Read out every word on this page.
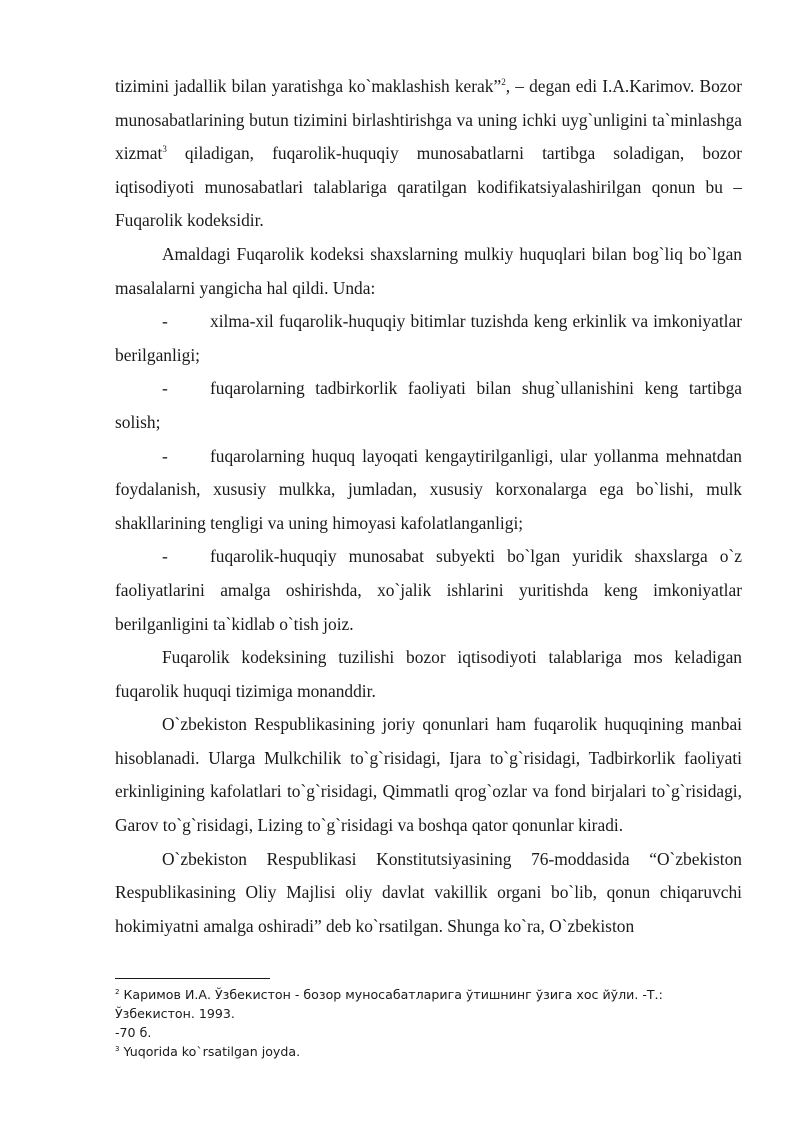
tizimini jadallik bilan yaratishga ko`maklashish kerak”$^2$, – degan edi I.A.Karimov. Bozor munosabatlarining butun tizimini birlashtirishga va uning ichki uyg`unligini ta`minlashga xizmat$^3$ qiladigan, fuqarolik-huquqiy munosabatlarni tartibga soladigan, bozor iqtisodiyoti munosabatlari talablariga qaratilgan kodifikatsiyalashirilgan qonun bu – Fuqarolik kodeksidir.

Amaldagi Fuqarolik kodeksi shaxslarning mulkiy huquqlari bilan bog`liq bo`lgan masalalarni yangicha hal qildi. Unda:

- xilma-xil fuqarolik-huquqiy bitimlar tuzishda keng erkinlik va imkoniyatlar berilganligi;

- fuqarolarning tadbirkorlik faoliyati bilan shug`ullanishini keng tartibga solish;

- fuqarolarning huquq layoqati kengaytirilganligi, ular yollanma mehnatdan foydalanish, xususiy mulkka, jumladan, xususiy korxonalarga ega bo`lishi, mulk shakllarining tengligi va uning himoyasi kafolatlanganligi;

- fuqarolik-huquqiy munosabat subyekti bo`lgan yuridik shaxslarga o`z faoliyatlarini amalga oshirishda, xo`jalik ishlarini yuritishda keng imkoniyatlar berilganligini ta`kidlab o`tish joiz.

Fuqarolik kodeksining tuzilishi bozor iqtisodiyoti talablariga mos keladigan fuqarolik huquqi tizimiga monanddir.

O`zbekiston Respublikasining joriy qonunlari ham fuqarolik huquqining manbai hisoblanadi. Ularga Mulkchilik to`g`risidagi, Ijara to`g`risidagi, Tadbirkorlik faoliyati erkinligining kafolatlari to`g`risidagi, Qimmatli qrog`ozlar va fond birjalari to`g`risidagi, Garov to`g`risidagi, Lizing to`g`risidagi va boshqa qator qonunlar kiradi.

O`zbekiston Respublikasi Konstitutsiyasining 76-moddasida “O`zbekiston Respublikasining Oliy Majlisi oliy davlat vakillik organi bo`lib, qonun chiqaruvchi hokimiyatni amalga oshiradi” deb ko`rsatilgan. Shunga ko`ra, O`zbekiston

$^2$ Каримов И.А. Ўзбекистон - бозор муносабатларига ўтишнинг ўзига хос йўли. -Т.: Ўзбекистон. 1993.
-70 б.
$^3$ Yuqorida ko`rsatilgan joyda.
